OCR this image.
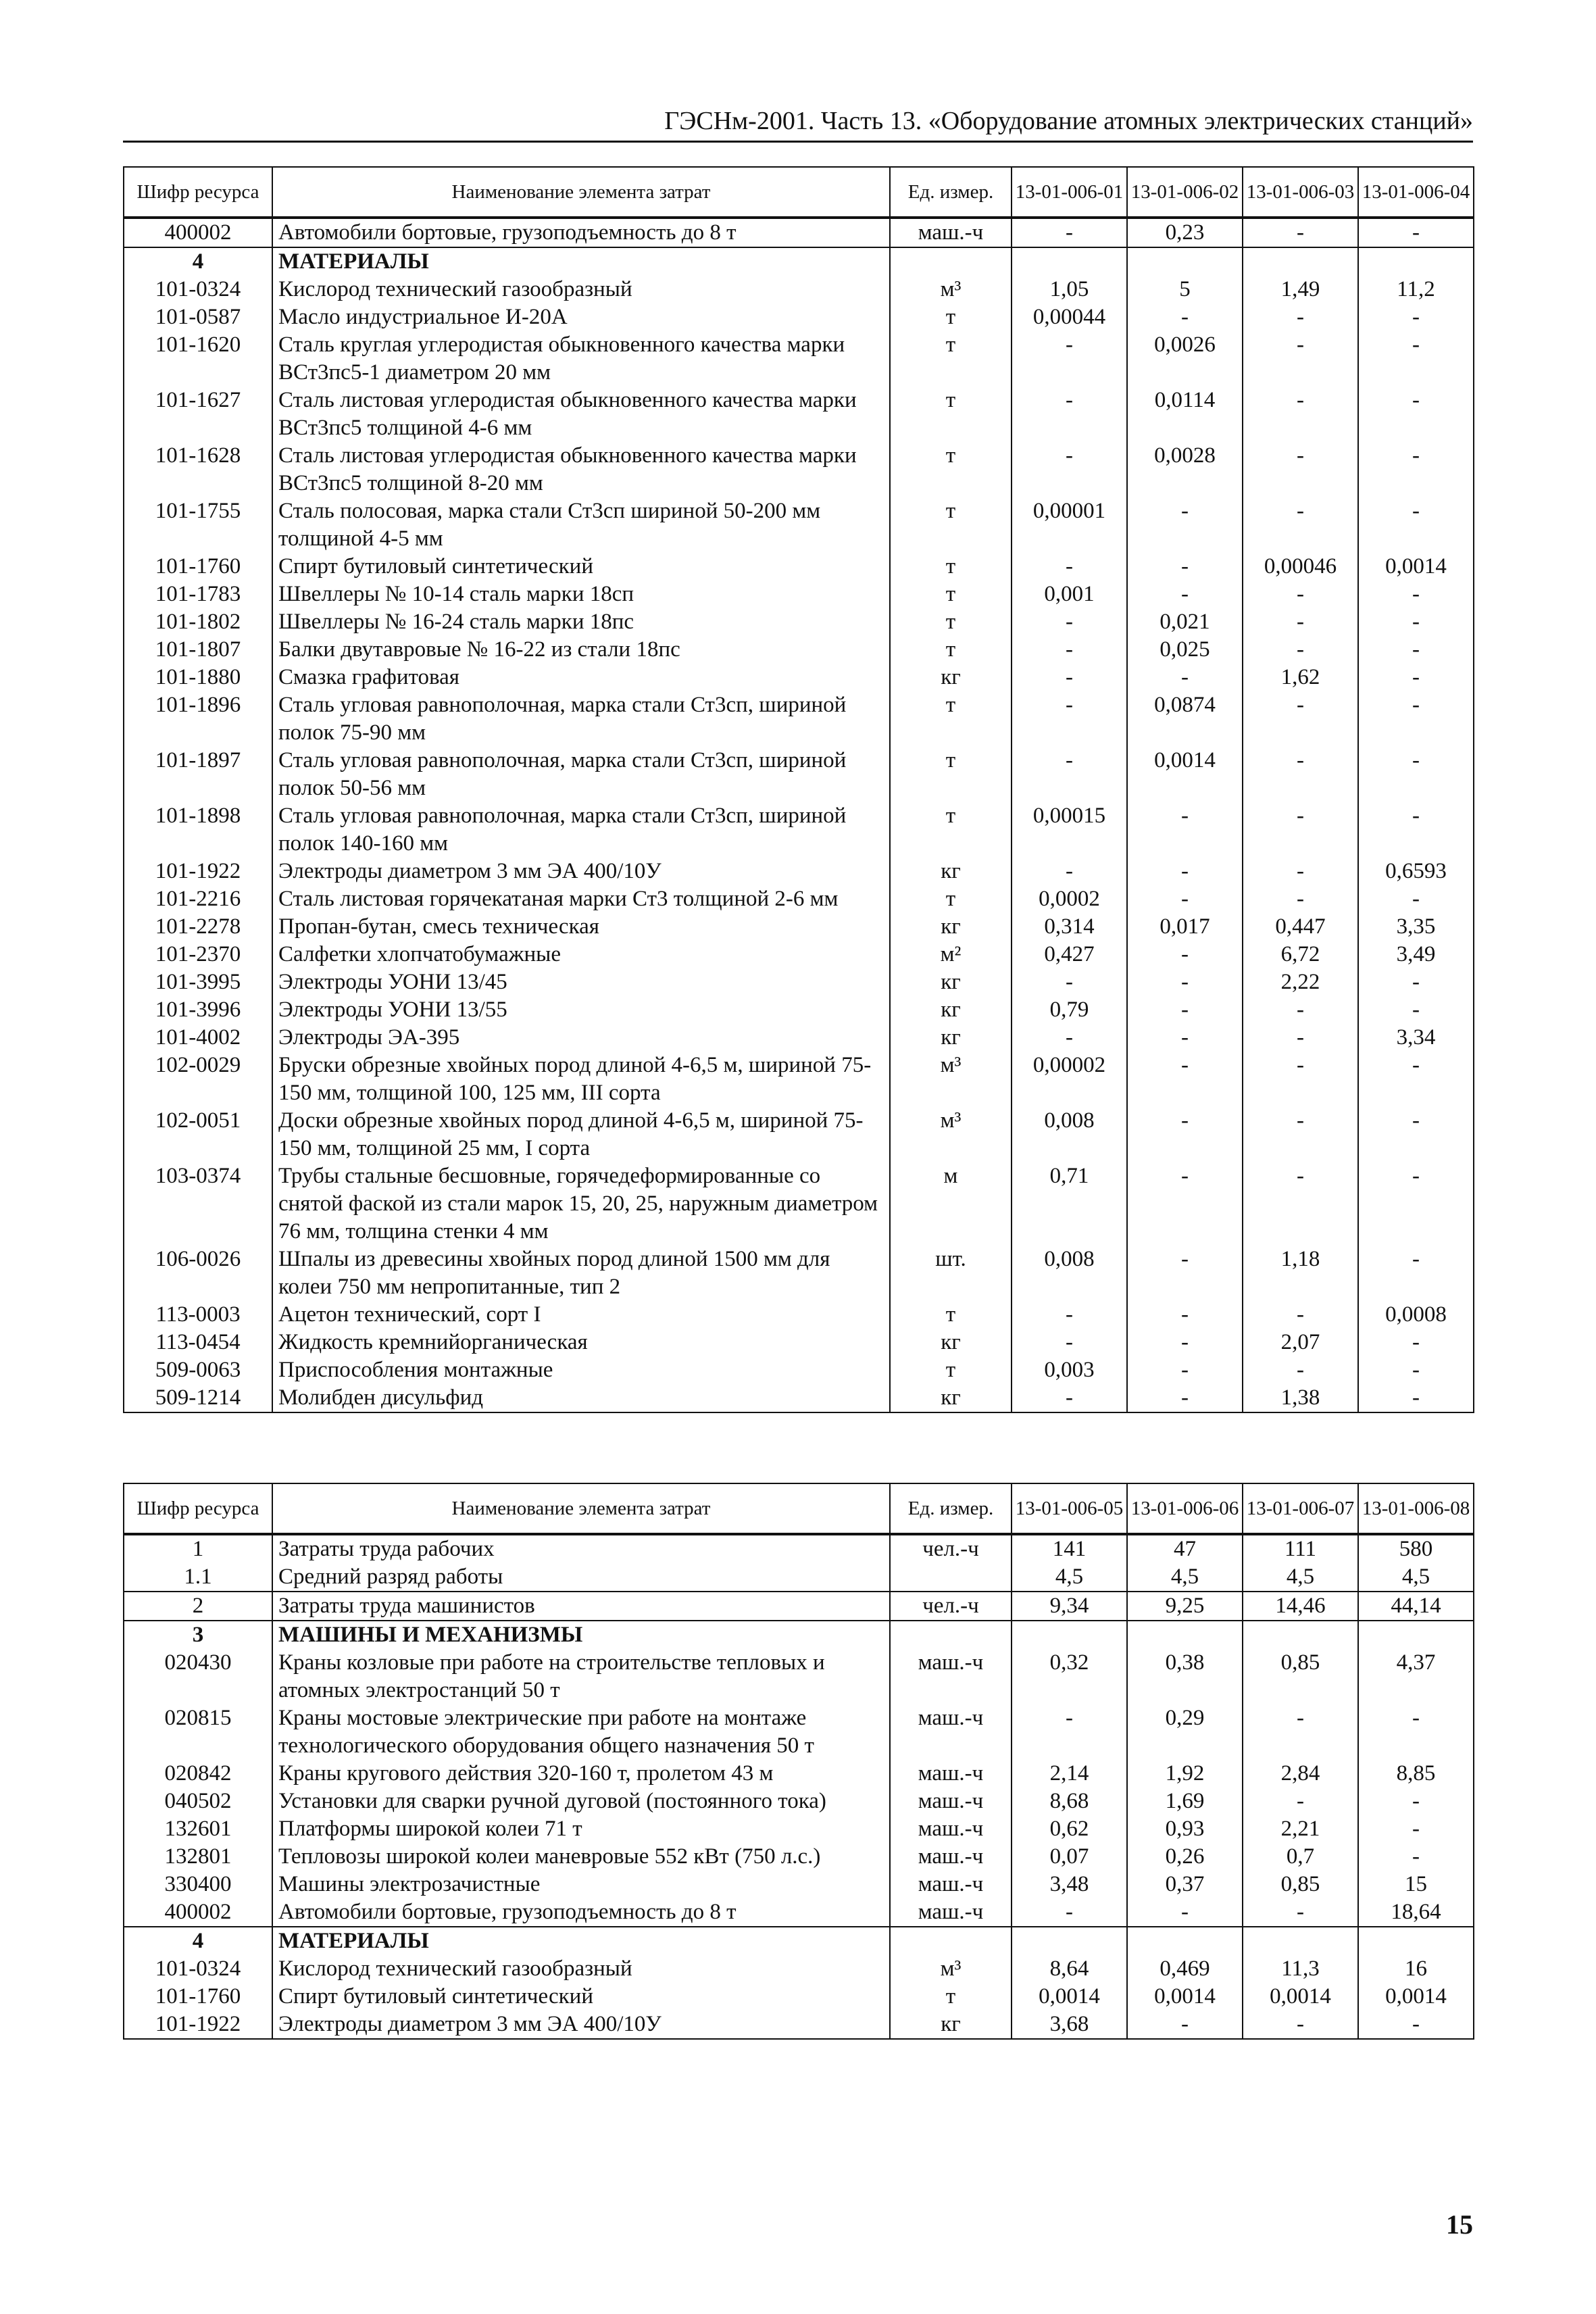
ГЭСНм-2001. Часть 13. «Оборудование атомных электрических станций»
Шифр ресурса	Наименование элемента затрат	Ед. измер.	13-01-006-01	13-01-006-02	13-01-006-03	13-01-006-04
400002	Автомобили бортовые, грузоподъемность до 8 т	маш.-ч	-	0,23	-	-
4	МАТЕРИАЛЫ					
101-0324	Кислород технический газообразный	м³	1,05	5	1,49	11,2
101-0587	Масло индустриальное И-20А	т	0,00044	-	-	-
101-1620	Сталь круглая углеродистая обыкновенного качества марки ВСт3пс5-1 диаметром 20 мм	т	-	0,0026	-	-
101-1627	Сталь листовая углеродистая обыкновенного качества марки ВСт3пс5 толщиной 4-6 мм	т	-	0,0114	-	-
101-1628	Сталь листовая углеродистая обыкновенного качества марки ВСт3пс5 толщиной 8-20 мм	т	-	0,0028	-	-
101-1755	Сталь полосовая, марка стали Ст3сп шириной 50-200 мм толщиной 4-5 мм	т	0,00001	-	-	-
101-1760	Спирт бутиловый синтетический	т	-	-	0,00046	0,0014
101-1783	Швеллеры № 10-14 сталь марки 18сп	т	0,001	-	-	-
101-1802	Швеллеры № 16-24 сталь марки 18пс	т	-	0,021	-	-
101-1807	Балки двутавровые № 16-22 из стали 18пс	т	-	0,025	-	-
101-1880	Смазка графитовая	кг	-	-	1,62	-
101-1896	Сталь угловая равнополочная, марка стали Ст3сп, шириной полок 75-90 мм	т	-	0,0874	-	-
101-1897	Сталь угловая равнополочная, марка стали Ст3сп, шириной полок 50-56 мм	т	-	0,0014	-	-
101-1898	Сталь угловая равнополочная, марка стали Ст3сп, шириной полок 140-160 мм	т	0,00015	-	-	-
101-1922	Электроды диаметром 3 мм ЭА 400/10У	кг	-	-	-	0,6593
101-2216	Сталь листовая горячекатаная марки Ст3 толщиной 2-6 мм	т	0,0002	-	-	-
101-2278	Пропан-бутан, смесь техническая	кг	0,314	0,017	0,447	3,35
101-2370	Салфетки хлопчатобумажные	м²	0,427	-	6,72	3,49
101-3995	Электроды УОНИ 13/45	кг	-	-	2,22	-
101-3996	Электроды УОНИ 13/55	кг	0,79	-	-	-
101-4002	Электроды ЭА-395	кг	-	-	-	3,34
102-0029	Бруски обрезные хвойных пород длиной 4-6,5 м, шириной 75-150 мм, толщиной 100, 125 мм, III сорта	м³	0,00002	-	-	-
102-0051	Доски обрезные хвойных пород длиной 4-6,5 м, шириной 75-150 мм, толщиной 25 мм, I сорта	м³	0,008	-	-	-
103-0374	Трубы стальные бесшовные, горячедеформированные со снятой фаской из стали марок 15, 20, 25, наружным диаметром 76 мм, толщина стенки 4 мм	м	0,71	-	-	-
106-0026	Шпалы из древесины хвойных пород длиной 1500 мм для колеи 750 мм непропитанные, тип 2	шт.	0,008	-	1,18	-
113-0003	Ацетон технический, сорт I	т	-	-	-	0,0008
113-0454	Жидкость кремнийорганическая	кг	-	-	2,07	-
509-0063	Приспособления монтажные	т	0,003	-	-	-
509-1214	Молибден дисульфид	кг	-	-	1,38	-
Шифр ресурса	Наименование элемента затрат	Ед. измер.	13-01-006-05	13-01-006-06	13-01-006-07	13-01-006-08
1	Затраты труда рабочих	чел.-ч	141	47	111	580
1.1	Средний разряд работы		4,5	4,5	4,5	4,5
2	Затраты труда машинистов	чел.-ч	9,34	9,25	14,46	44,14
3	МАШИНЫ И МЕХАНИЗМЫ					
020430	Краны козловые при работе на строительстве тепловых и атомных электростанций 50 т	маш.-ч	0,32	0,38	0,85	4,37
020815	Краны мостовые электрические при работе на монтаже технологического оборудования общего назначения 50 т	маш.-ч	-	0,29	-	-
020842	Краны кругового действия 320-160 т, пролетом 43 м	маш.-ч	2,14	1,92	2,84	8,85
040502	Установки для сварки ручной дуговой (постоянного тока)	маш.-ч	8,68	1,69	-	-
132601	Платформы широкой колеи 71 т	маш.-ч	0,62	0,93	2,21	-
132801	Тепловозы широкой колеи маневровые 552 кВт (750 л.с.)	маш.-ч	0,07	0,26	0,7	-
330400	Машины электрозачистные	маш.-ч	3,48	0,37	0,85	15
400002	Автомобили бортовые, грузоподъемность до 8 т	маш.-ч	-	-	-	18,64
4	МАТЕРИАЛЫ					
101-0324	Кислород технический газообразный	м³	8,64	0,469	11,3	16
101-1760	Спирт бутиловый синтетический	т	0,0014	0,0014	0,0014	0,0014
101-1922	Электроды диаметром 3 мм ЭА 400/10У	кг	3,68	-	-	-
15
